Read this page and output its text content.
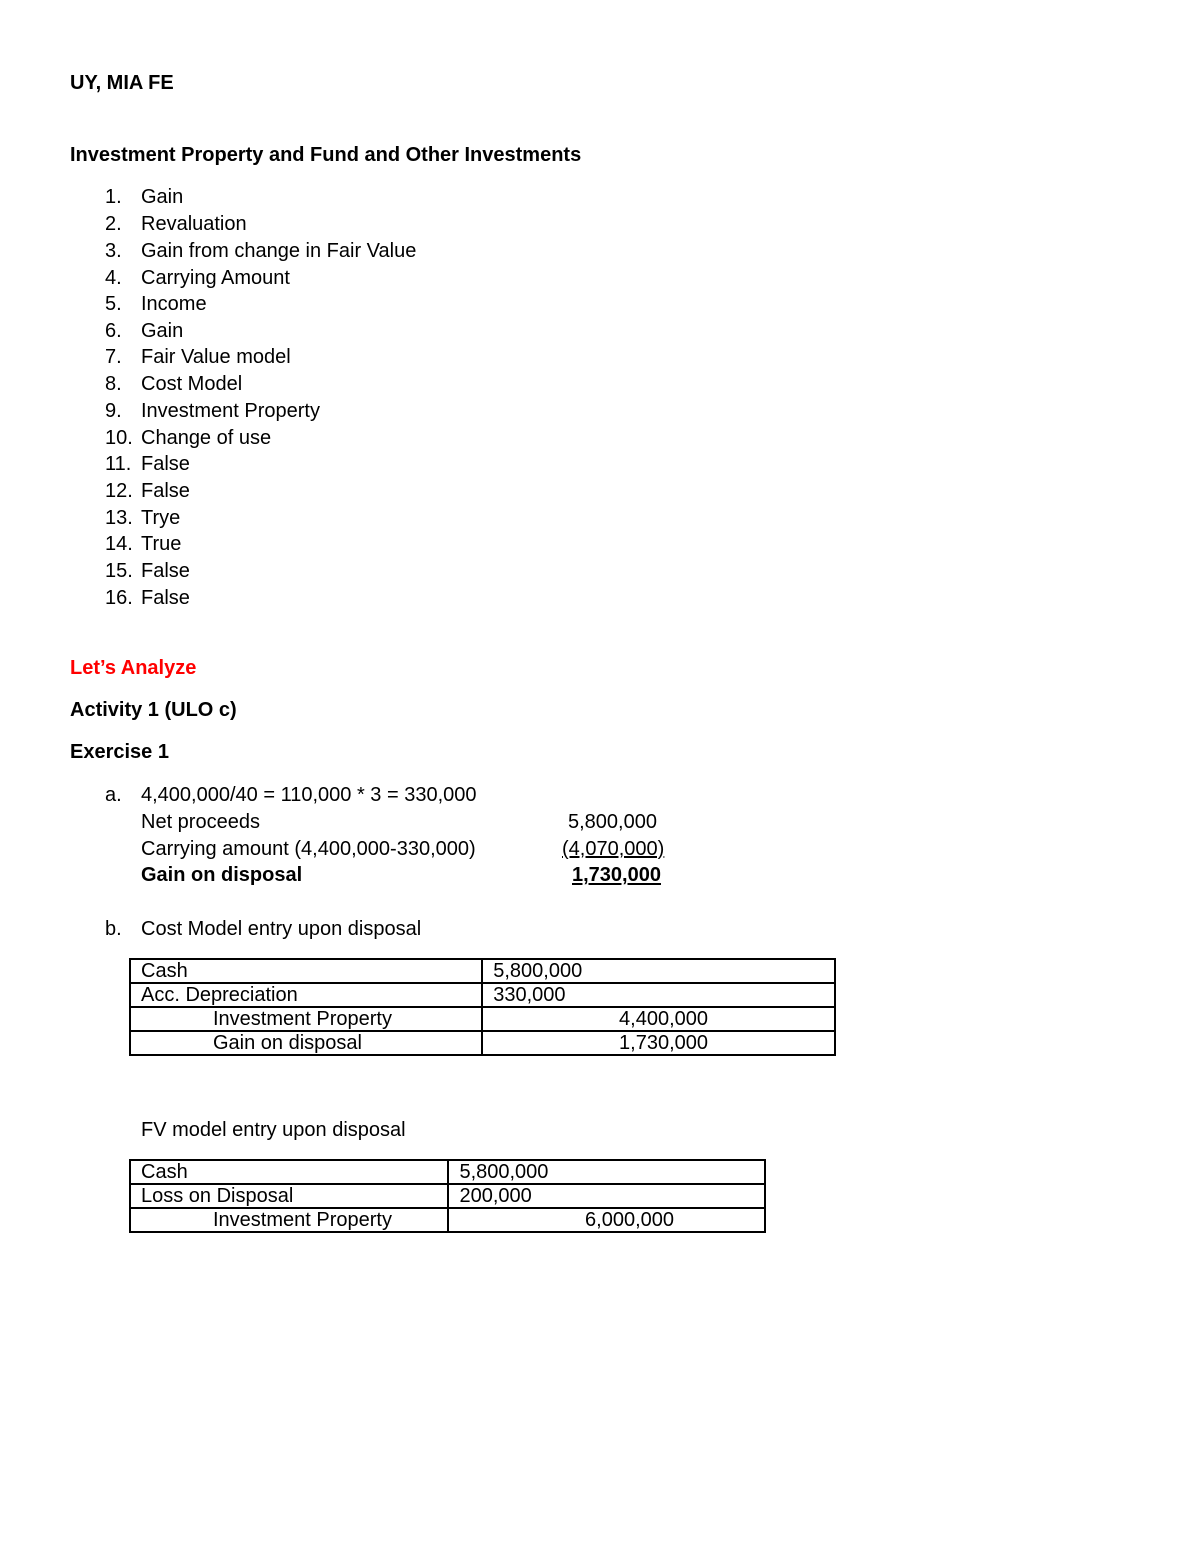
UY, MIA FE
Investment Property and Fund and Other Investments
1. Gain
2. Revaluation
3. Gain from change in Fair Value
4. Carrying Amount
5. Income
6. Gain
7. Fair Value model
8. Cost Model
9. Investment Property
10. Change of use
11. False
12. False
13. Trye
14. True
15. False
16. False
Let’s Analyze
Activity 1 (ULO c)
Exercise 1
a. 4,400,000/40 = 110,000 * 3 = 330,000
Net proceeds	5,800,000
Carrying amount (4,400,000-330,000)	(4,070,000)
Gain on disposal	1,730,000
b. Cost Model entry upon disposal
Cash	5,800,000
Acc. Depreciation	330,000
Investment Property	4,400,000
Gain on disposal	1,730,000
FV model entry upon disposal
Cash	5,800,000
Loss on Disposal	200,000
Investment Property	6,000,000
